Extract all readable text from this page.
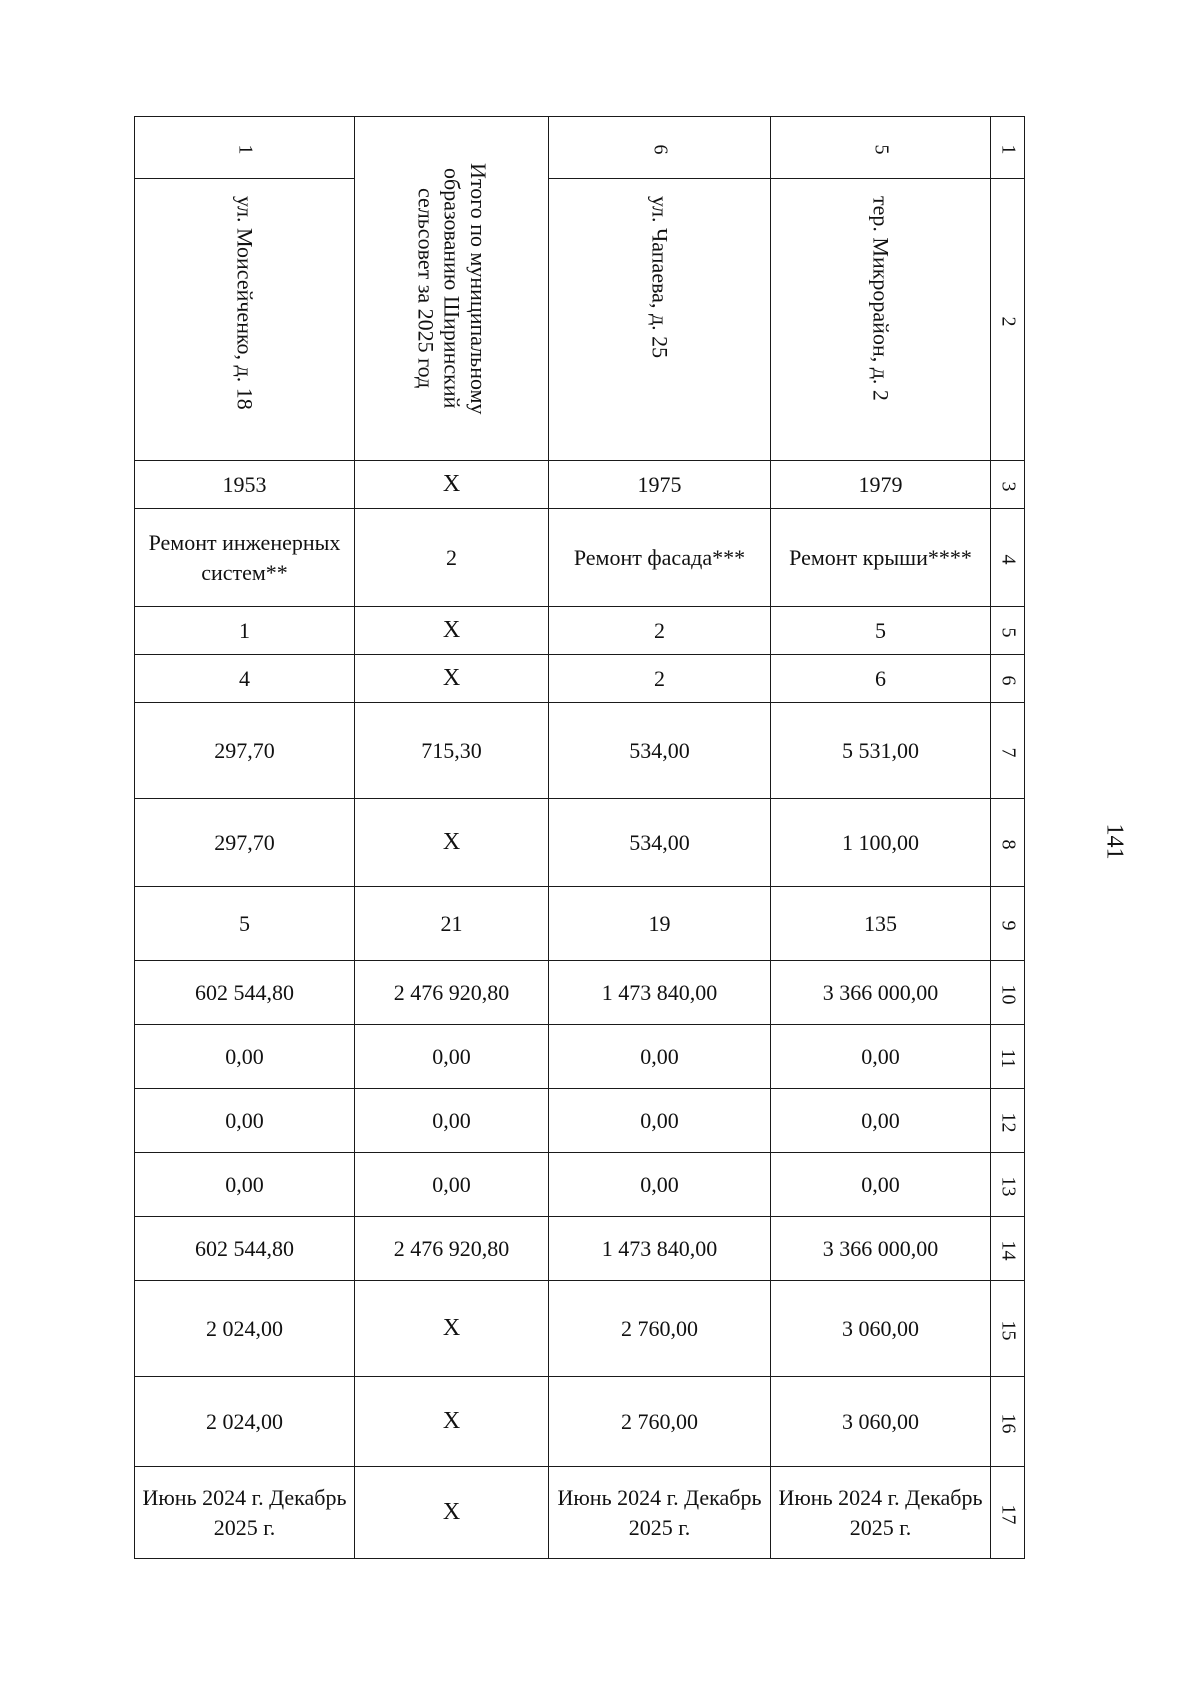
1	Итого по муниципальному образованию Ширинский сельсовет за 2025 год	6	5	1

ул. Моисейченко, д. 18		ул. Чапаева, д. 25	тер. Микрорайон, д. 2	2
1953	X	1975	1979	3
Ремонт инженерных систем**	2	Ремонт фасада***	Ремонт крыши****	4
1	X	2	5	5
4	X	2	6	6
297,70	715,30	534,00	5 531,00	7
297,70	X	534,00	1 100,00	8
5	21	19	135	9
602 544,80	2 476 920,80	1 473 840,00	3 366 000,00	10
0,00	0,00	0,00	0,00	11
0,00	0,00	0,00	0,00	12
0,00	0,00	0,00	0,00	13
602 544,80	2 476 920,80	1 473 840,00	3 366 000,00	14
2 024,00	X	2 760,00	3 060,00	15
2 024,00	X	2 760,00	3 060,00	16
Июнь 2024 г. Декабрь 2025 г.	X	Июнь 2024 г. Декабрь 2025 г.	Июнь 2024 г. Декабрь 2025 г.	17
141
